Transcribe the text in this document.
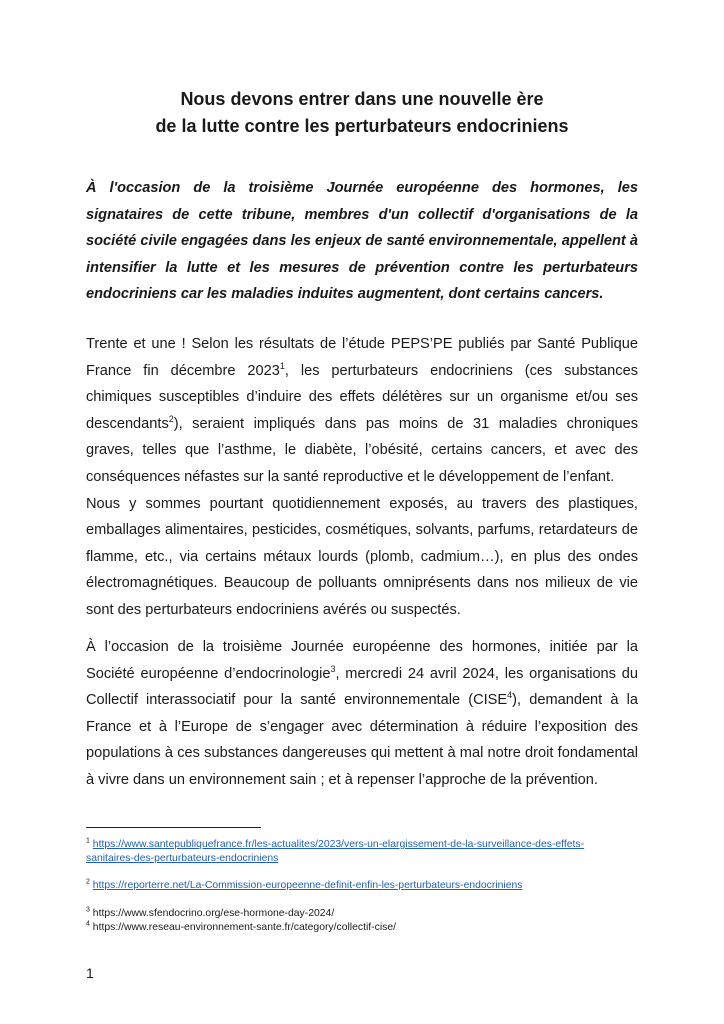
Nous devons entrer dans une nouvelle ère
de la lutte contre les perturbateurs endocriniens

À l'occasion de la troisième Journée européenne des hormones, les
signataires de cette tribune, membres d'un collectif d'organisations de la
société civile engagées dans les enjeux de santé environnementale, appellent à
intensifier la lutte et les mesures de prévention contre les perturbateurs
endocriniens car les maladies induites augmentent, dont certains cancers.

Trente et une ! Selon les résultats de l’étude PEPS’PE publiés par Santé Publique
France fin décembre 2023$^1$, les perturbateurs endocriniens (ces substances
chimiques susceptibles d’induire des effets délétères sur un organisme et/ou ses
descendants$^2$), seraient impliqués dans pas moins de 31 maladies chroniques
graves, telles que l’asthme, le diabète, l’obésité, certains cancers, et avec des
conséquences néfastes sur la santé reproductive et le développement de l’enfant.
Nous y sommes pourtant quotidiennement exposés, au travers des plastiques,
emballages alimentaires, pesticides, cosmétiques, solvants, parfums, retardateurs de
flamme, etc., via certains métaux lourds (plomb, cadmium…), en plus des ondes
électromagnétiques. Beaucoup de polluants omniprésents dans nos milieux de vie
sont des perturbateurs endocriniens avérés ou suspectés.

À l’occasion de la troisième Journée européenne des hormones, initiée par la
Société européenne d’endocrinologie$^3$, mercredi 24 avril 2024, les organisations du
Collectif interassociatif pour la santé environnementale (CISE$^4$), demandent à la
France et à l’Europe de s’engager avec détermination à réduire l’exposition des
populations à ces substances dangereuses qui mettent à mal notre droit fondamental
à vivre dans un environnement sain ; et à repenser l’approche de la prévention.

$^1$ https://www.santepubliquefrance.fr/les-actualites/2023/vers-un-elargissement-de-la-surveillance-des-effets-
sanitaires-des-perturbateurs-endocriniens

$^2$ https://reporterre.net/La-Commission-europeenne-definit-enfin-les-perturbateurs-endocriniens

$^3$ https://www.sfendocrino.org/ese-hormone-day-2024/

$^4$ https://www.reseau-environnement-sante.fr/category/collectif-cise/

1
